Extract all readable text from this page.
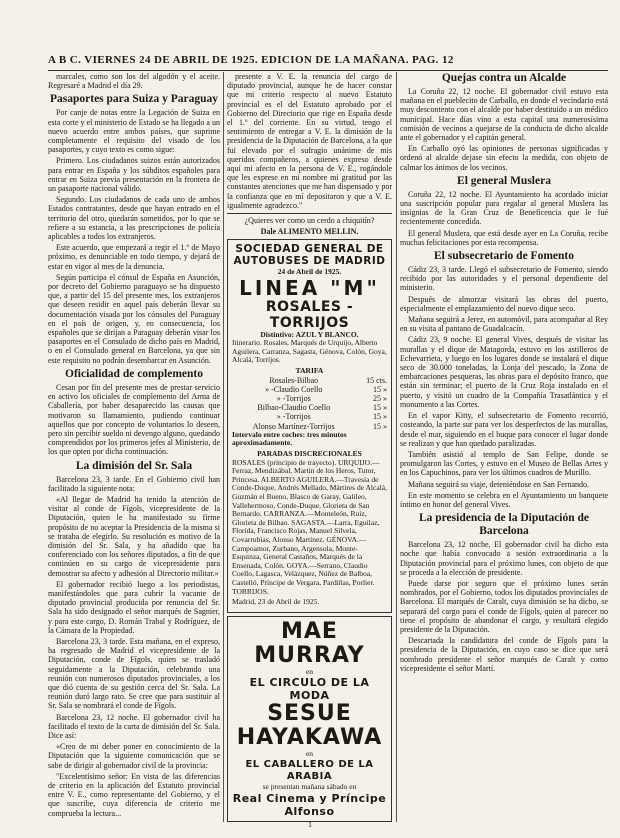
A B C. VIERNES 24 DE ABRIL DE 1925. EDICION DE LA MAÑANA. PAG. 12

marcales, como son los del algodón y el aceite. Regresaré a Madrid el día 29.

Pasaportes para Suiza y Paraguay

Por canje de notas entre la Legación de Suiza en esta corte y el ministerio de Estado se ha llegado a un nuevo acuerdo entre ambos países, que suprime completamente el requisito del visado de los pasaportes, y cuyo texto es como sigue:

Primero. Los ciudadanos suizos están autorizados para entrar en España y los súbditos españoles para entrar en Suiza previa presentación en la frontera de un pasaporte nacional válido.

Segundo. Los ciudadanos de cada uno de ambos Estados contratantes, desde que hayan entrado en el territorio del otro, quedarán sometidos, por lo que se refiere a su estancia, a las prescripciones de policía aplicables a todos los extranjeros.

Este acuerdo, que empezará a regir el 1.º de Mayo próximo, es denunciable en todo tiempo, y dejará de estar en vigor al mes de la denuncia.

Según participa el cónsul de España en Asunción, por decreto del Gobierno paraguayo se ha dispuesto que, a partir del 15 del presente mes, los extranjeros que deseen residir en aquel país deberán llevar su documentación visada por los cónsules del Paraguay en el país de origen, y, en consecuencia, los españoles que se dirijan a Paraguay deberán visar los pasaportes en el Consulado de dicho país en Madrid, o en el Consulado general en Barcelona, ya que sin este requisito no podrán desembarcar en Asunción.

Oficialidad de complemento

Cesan por fin del presente mes de prestar servicio en activo los oficiales de complemento del Arma de Caballería, por haber desaparecido las causas que motivaron su llamamiento, pudiendo continuar aquellos que por concepto de voluntarios lo deseen, pero sin percibir sueldo ni devengo alguno, quedando comprendidos por los primeros jefes al Ministerio, de los que opten por dicha continuación.

La dimisión del Sr. Sala

Barcelona 23, 3 tarde. En el Gobierno civil han facilitado la siguiente nota:

«Al llegar de Madrid ha tenido la atención de visitar al conde de Fígols, vicepresidente de la Diputación, quien le ha manifestado su firme propósito de no aceptar la Presidencia de la misma si se trataba de elegirlo. Su resolución es motivo de la dimisión del Sr. Sala, y ha añadido que ha conferenciado con los señores diputados, a fin de que continúen en su cargo de vicepresidente para demostrar su afecto y adhesión al Directorio militar.»

El gobernador recibió luego a los periodistas, manifestándoles que para cubrir la vacante de diputado provincial producida por renuncia del Sr. Sala ha sido designado el señor marqués de Sagnier, y para este cargo, D. Román Trabal y Rodríguez, de la Cámara de la Propiedad.

Barcelona 23, 3 tarde. Esta mañana, en el expreso, ha regresado de Madrid el vicepresidente de la Diputación, conde de Fígols, quien se trasladó seguidamente a la Diputación, celebrando una reunión con numerosos diputados provinciales, a los que dió cuenta de su gestión cerca del Sr. Sala. La reunión duró largo rato. Se cree que para sustituir al Sr. Sala se nombrará el conde de Fígols.

Barcelona 23, 12 noche. El gobernador civil ha facilitado el texto de la carta de dimisión del Sr. Sala. Dice así:

«Creo de mi deber poner en conocimiento de la Diputación que la siguiente comunicación que se sabe de dirigir al gobernador civil de la provincia:

"Excelentísimo señor: En vista de las diferencias de criterio en la aplicación del Estatuto provincial entre V. E., como representante del Gobierno, y el que suscribe, cuya diferencia de criterio me comprueba la lectura...

presente a V. E. la renuncia del cargo de diputado provincial, aunque he de hacer constar que mi criterio respecto al nuevo Estatuto provincial es el del Estatuto aprobado por el Gobierno del Directorio que rige en España desde el 1.º del corriente. En su virtud, tengo el sentimiento de entregar a V. E. la dimisión de la presidencia de la Diputación de Barcelona, a la que fui elevado por el sufragio unánime de mis queridos compañeros, a quienes expreso desde aquí mi afecto en la persona de V. E., rogándole que les exprese en mi nombre mi gratitud por las constantes atenciones que me han dispensado y por la confianza que en mí depositaron y que a V. E. igualmente agradezco."

¿Quieres ver como un cerdo a chiquitín?

Dale ALIMENTO MELLIN.

SOCIEDAD GENERAL DE AUTOBUSES DE MADRID
24 de Abril de 1925.
LINEA "M"
ROSALES - TORRIJOS
Distintivo: AZUL Y BLANCO.

Itinerario. Rosales, Marqués de Urquijo, Alberto Aguilera, Carranza, Sagasta, Génova, Colón, Goya, Alcalá, Torrijos.

TARIFA
Rosales-Bilbao	15 cts.
» -Claudio Coello	15 »
» -Torrijos	25 »
Bilbao-Claudio Coello	15 »
» -Torrijos	15 »
Alonso Martínez-Torrijos	15 »

Intervalo entre coches: tres minutos aproximadamente.

PARADAS DISCRECIONALES

ROSALES (principio de trayecto). URQUIJO.—Ferraz, Mendizábal, Martín de los Heros, Tutor, Princesa. ALBERTO AGUILERA.—Travesía de Conde-Duque, Andrés Mellado, Mártires de Alcalá, Guzmán el Bueno, Blasco de Garay, Galileo, Vallehermoso, Conde-Duque, Glorieta de San Bernardo. CARRANZA.—Monteleón, Ruiz, Glorieta de Bilbao. SAGASTA.—Larra, Eguilaz, Florida, Francisco Rojas, Manuel Silvela, Covarrubias, Alonso Martínez. GÉNOVA.—Campoamor, Zurbano, Argensola, Monte-Esquinza, General Castaños, Marqués de la Ensenada, Colón. GOYA.—Serrano, Claudio Coello, Lagasca, Velázquez, Núñez de Balboa, Castelló, Príncipe de Vergara, Pardiñas, Porlier. TORRIJOS.

Madrid, 23 de Abril de 1925.

MAE MURRAY
en
EL CIRCULO DE LA MODA
SESUE HAYAKAWA
en
EL CABALLERO DE LA ARABIA
se presentan mañana sábado en
Real Cinema y Príncipe Alfonso
Quejas contra un Alcalde

La Coruña 22, 12 noche. El gobernador civil estuvo esta mañana en el pueblecito de Carballo, en donde el vecindario está muy descontento con el alcalde por haber destituido a un médico municipal. Hace días vino a esta capital una numerosísima comisión de vecinos a quejarse de la conducta de dicho alcalde ante el gobernador y el capitán general.

En Carballo oyó las opiniones de personas significadas y ordenó al alcalde dejase sin efecto la medida, con objeto de calmar los ánimos de los vecinos.

El general Muslera

Coruña 22, 12 noche. El Ayuntamiento ha acordado iniciar una suscripción popular para regalar al general Muslera las insignias de la Gran Cruz de Beneficencia que le fué recientemente concedida.

El general Muslera, que está desde ayer en La Coruña, recibe muchas felicitaciones por esta recompensa.

El subsecretario de Fomento

Cádiz 23, 3 tarde. Llegó el subsecretario de Fomento, siendo recibido por las autoridades y el personal dependiente del ministerio.

Después de almorzar visitará las obras del puerto, especialmente el emplazamiento del nuevo dique seco.

Mañana seguirá a Jerez, en automóvil, para acompañar al Rey en su visita al pantano de Guadalcacín.

Cádiz 23, 9 noche. El general Vives, después de visitar las murallas y el dique de Matagorda, estuvo en los astilleros de Echevarrieta, y luego en los lugares donde se instalará el dique seco de 30.000 toneladas, la Lonja del pescado, la Zona de embarcaciones pesqueras, las obras para el depósito franco, que están sin terminar; el puerto de la Cruz Roja instalado en el puerto, y visitó un cuadro de la Compañía Trasatlántica y el monumento a las Cortes.

En el vapor Kitty, el subsecretario de Fomento recorrió, costeando, la parte sur para ver los desperfectos de las murallas, desde el mar, siguiendo en el buque para conocer el lugar donde se realizan y que han quedado paralizadas.

También asistió al templo de San Felipe, donde se promulgaron las Cortes, y estuvo en el Museo de Bellas Artes y en los Capuchinos, para ver los últimos cuadros de Murillo.

Mañana seguirá su viaje, deteniéndose en San Fernando.

En este momento se celebra en el Ayuntamiento un banquete íntimo en honor del general Vives.

La presidencia de la Diputación de Barcelona

Barcelona 23, 12 noche. El gobernador civil ha dicho esta noche que había convocado a sesión extraordinaria a la Diputación provincial para el próximo lunes, con objeto de que se proceda a la elección de presidente.

Puede darse por seguro que el próximo lunes serán nombrados, por el Gobierno, todos los diputados provinciales de Barcelona. El marqués de Caralt, cuya dimisión se ha dicho, se separará del cargo para el conde de Fígols, quien al parecer no tiene el propósito de abandonar el cargo, y resultará elegido presidente de la Diputación.

Descartada la candidatura del conde de Fígols para la presidencia de la Diputación, en cuyo caso se dice que será nombrado presidente el señor marqués de Caralt y como vicepresidente el señor Martí.

1
